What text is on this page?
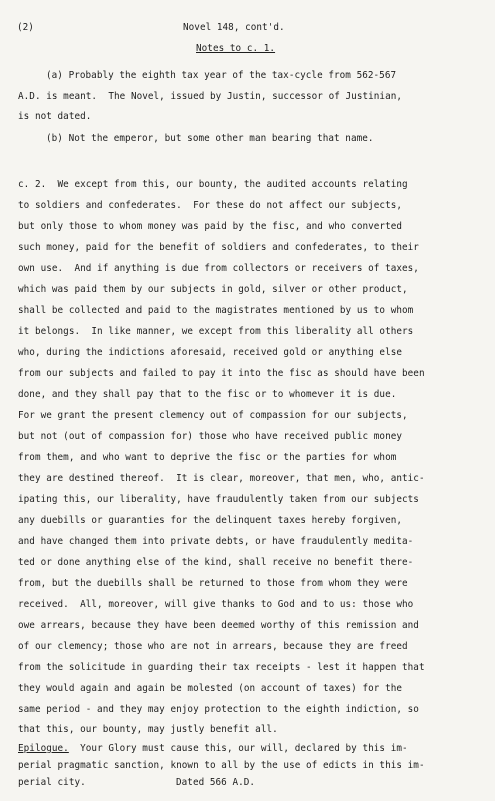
(2)	Novel 148, cont'd.
Notes to c. 1.
(a) Probably the eighth tax year of the tax-cycle from 562-567
A.D. is meant.  The Novel, issued by Justin, successor of Justinian,
is not dated.
(b) Not the emperor, but some other man bearing that name.
c. 2.  We except from this, our bounty, the audited accounts relating
to soldiers and confederates.  For these do not affect our subjects,
but only those to whom money was paid by the fisc, and who converted
such money, paid for the benefit of soldiers and confederates, to their
own use.  And if anything is due from collectors or receivers of taxes,
which was paid them by our subjects in gold, silver or other product,
shall be collected and paid to the magistrates mentioned by us to whom
it belongs.  In like manner, we except from this liberality all others
who, during the indictions aforesaid, received gold or anything else
from our subjects and failed to pay it into the fisc as should have been
done, and they shall pay that to the fisc or to whomever it is due.
For we grant the present clemency out of compassion for our subjects,
but not (out of compassion for) those who have received public money
from them, and who want to deprive the fisc or the parties for whom
they are destined thereof.  It is clear, moreover, that men, who, antic-
ipating this, our liberality, have fraudulently taken from our subjects
any duebills or guaranties for the delinquent taxes hereby forgiven,
and have changed them into private debts, or have fraudulently medita-
ted or done anything else of the kind, shall receive no benefit there-
from, but the duebills shall be returned to those from whom they were
received.  All, moreover, will give thanks to God and to us: those who
owe arrears, because they have been deemed worthy of this remission and
of our clemency; those who are not in arrears, because they are freed
from the solicitude in guarding their tax receipts - lest it happen that
they would again and again be molested (on account of taxes) for the
same period - and they may enjoy protection to the eighth indiction, so
that this, our bounty, may justly benefit all.
Epilogue.  Your Glory must cause this, our will, declared by this im-
perial pragmatic sanction, known to all by the use of edicts in this im-
perial city.	Dated 566 A.D.
